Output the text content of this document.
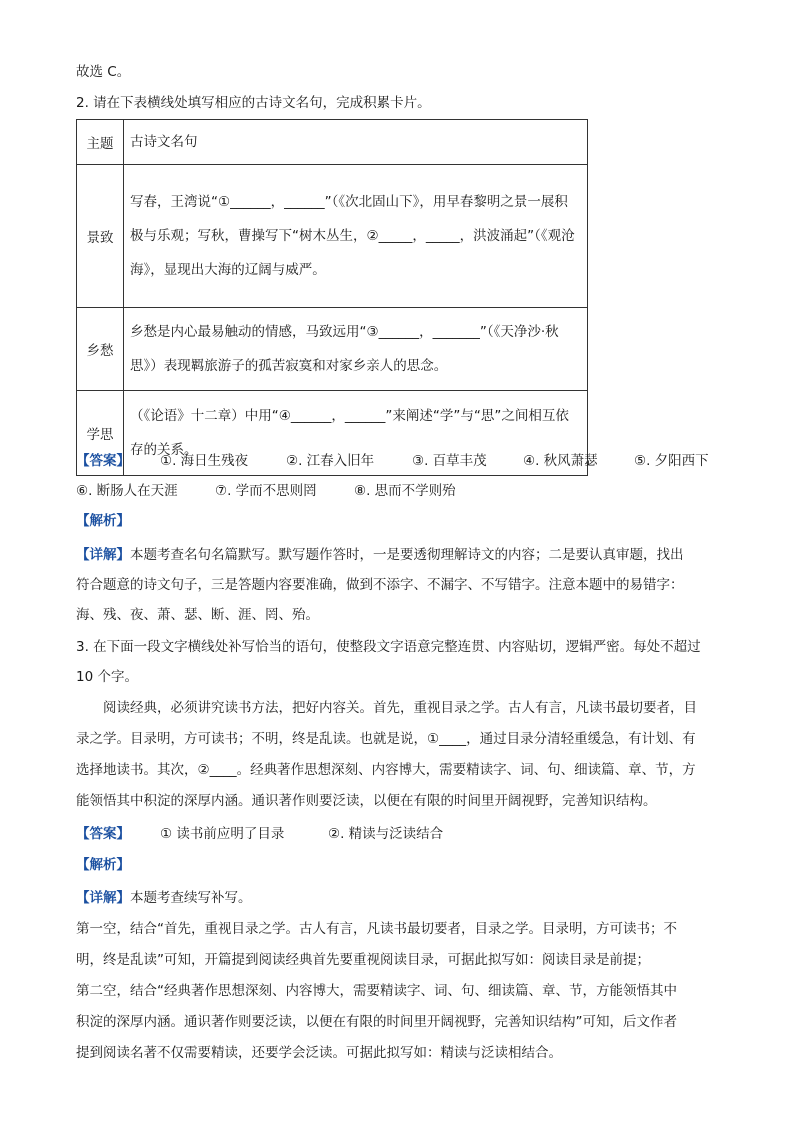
故选 C。
2. 请在下表横线处填写相应的古诗文名句，完成积累卡片。
主题	古诗文名句
景致	写春，王湾说“①______，______”（《次北固山下》，用早春黎明之景一展积极与乐观；写秋，曹操写下“树木丛生，②_____，_____，洪波涌起”（《观沧海》，显现出大海的辽阔与威严。
乡愁	乡愁是内心最易触动的情感，马致远用“③______，_______”（《天净沙·秋思》）表现羁旅游子的孤苦寂寞和对家乡亲人的思念。
学思	（《论语》十二章）中用“④______，______”来阐述“学”与“思”之间相互依存的关系。
【答案】 ①. 海日生残夜	②. 江春入旧年	③. 百草丰茂	④. 秋风萧瑟	⑤. 夕阳西下
⑥. 断肠人在天涯	⑦. 学而不思则罔	⑧. 思而不学则殆
【解析】
【详解】本题考查名句名篇默写。默写题作答时，一是要透彻理解诗文的内容；二是要认真审题，找出
符合题意的诗文句子，三是答题内容要准确，做到不添字、不漏字、不写错字。注意本题中的易错字：
海、残、夜、萧、瑟、断、涯、罔、殆。
3. 在下面一段文字横线处补写恰当的语句，使整段文字语意完整连贯、内容贴切，逻辑严密。每处不超过
10 个字。
阅读经典，必须讲究读书方法，把好内容关。首先，重视目录之学。古人有言，凡读书最切要者，目
录之学。目录明，方可读书；不明，终是乱读。也就是说，①____，通过目录分清轻重缓急，有计划、有
选择地读书。其次，②____。经典著作思想深刻、内容博大，需要精读字、词、句、细读篇、章、节，方
能领悟其中积淀的深厚内涵。通识著作则要泛读，以便在有限的时间里开阔视野，完善知识结构。
【答案】 ① 读书前应明了目录	②. 精读与泛读结合
【解析】
【详解】本题考查续写补写。
第一空，结合“首先，重视目录之学。古人有言，凡读书最切要者，目录之学。目录明，方可读书；不
明，终是乱读”可知，开篇提到阅读经典首先要重视阅读目录，可据此拟写如：阅读目录是前提；
第二空，结合“经典著作思想深刻、内容博大，需要精读字、词、句、细读篇、章、节，方能领悟其中
积淀的深厚内涵。通识著作则要泛读，以便在有限的时间里开阔视野，完善知识结构”可知，后文作者
提到阅读名著不仅需要精读，还要学会泛读。可据此拟写如：精读与泛读相结合。
